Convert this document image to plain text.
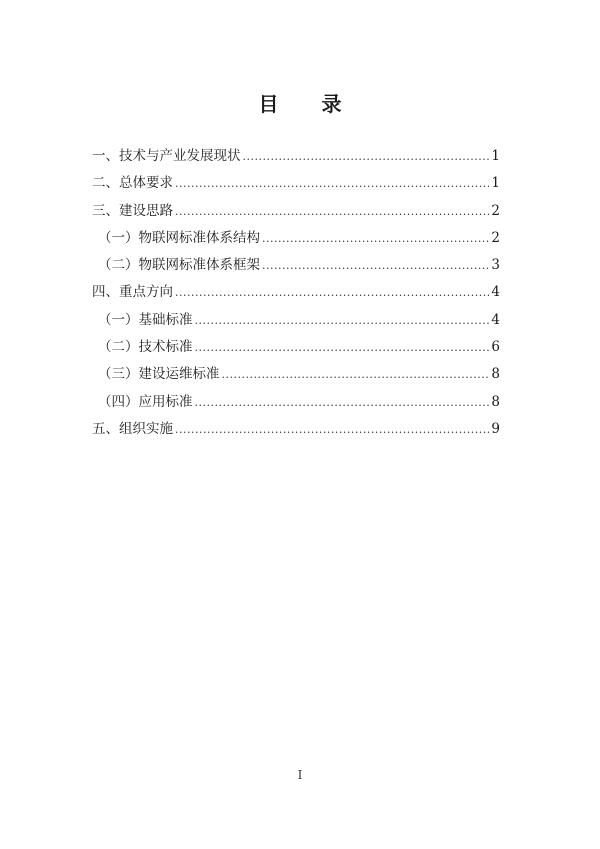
目 录
一、技术与产业发展现状 .....	1
二、总体要求 .....	1
三、建设思路 .....	2
（一）物联网标准体系结构 .....	2
（二）物联网标准体系框架 .....	3
四、重点方向 .....	4
（一）基础标准 .....	4
（二）技术标准 .....	6
（三）建设运维标准 .....	8
（四）应用标准 .....	8
五、组织实施 .....	9
I
